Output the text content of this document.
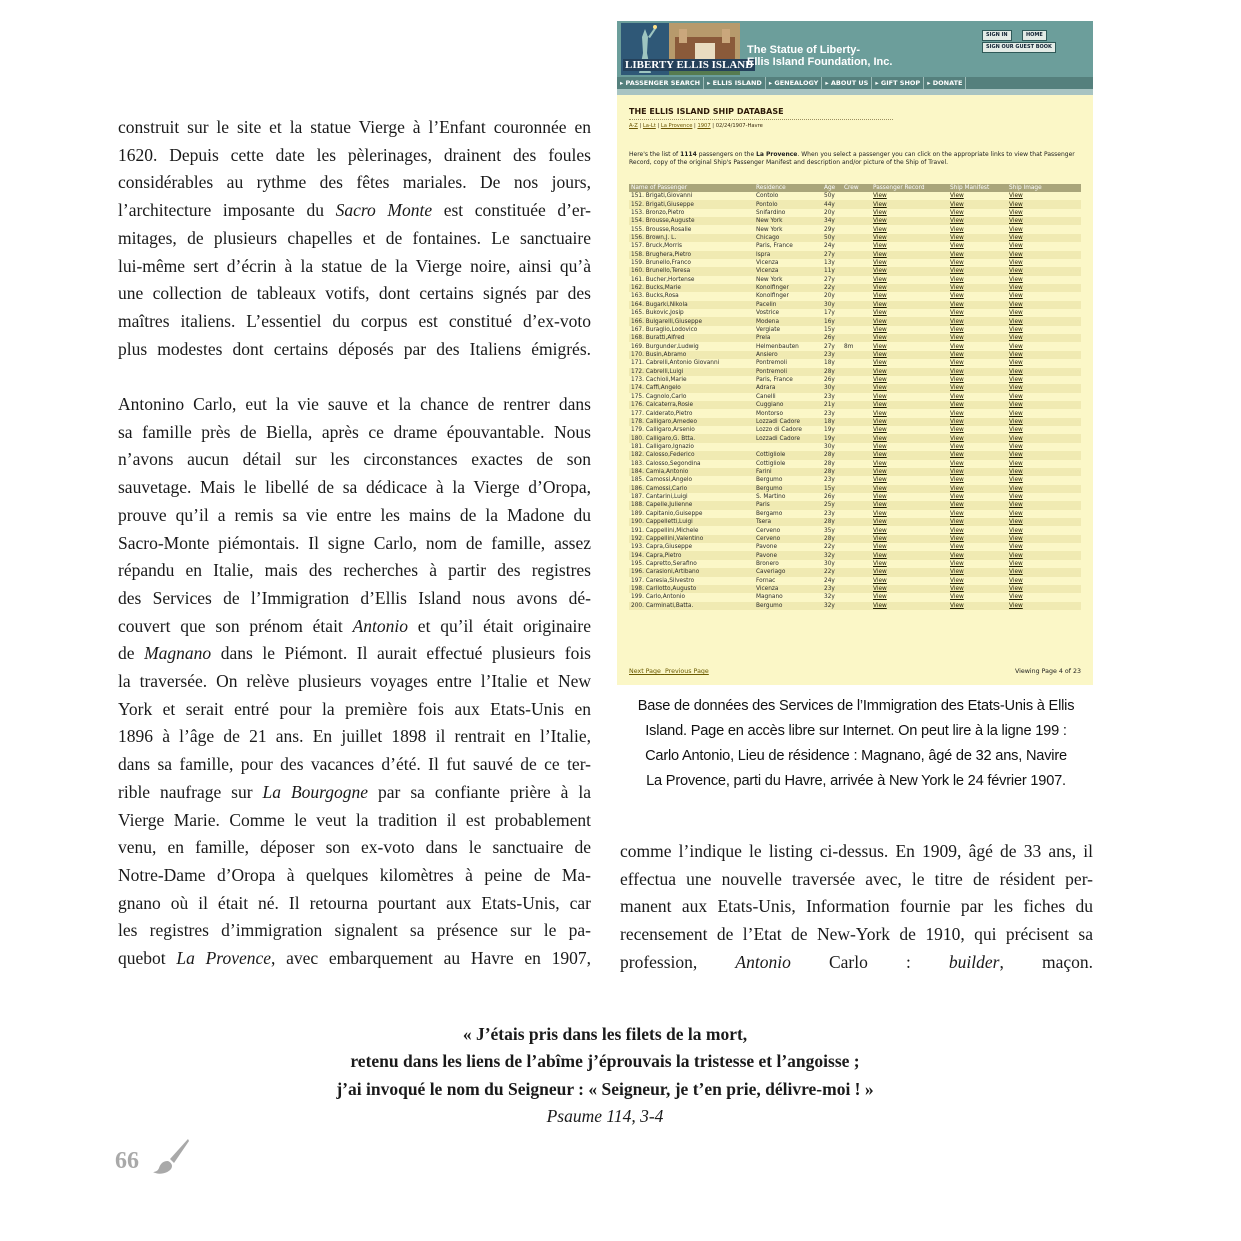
construit sur le site et la statue Vierge à l’Enfant couronnée en

1620. Depuis cette date les pèlerinages, drainent des foules

considérables au rythme des fêtes mariales. De nos jours,

l’architecture imposante du Sacro Monte est constituée d’er-

mitages, de plusieurs chapelles et de fontaines. Le sanctuaire

lui-même sert d’écrin à la statue de la Vierge noire, ainsi qu’à

une collection de tableaux votifs, dont certains signés par des

maîtres italiens. L’essentiel du corpus est constitué d’ex-voto

plus modestes dont certains déposés par des Italiens émigrés.

Antonino Carlo, eut la vie sauve et la chance de rentrer dans

sa famille près de Biella, après ce drame épouvantable. Nous

n’avons aucun détail sur les circonstances exactes de son

sauvetage. Mais le libellé de sa dédicace à la Vierge d’Oropa,

prouve qu’il a remis sa vie entre les mains de la Madone du

Sacro-Monte piémontais. Il signe Carlo, nom de famille, assez

répandu en Italie, mais des recherches à partir des registres

des Services de l’Immigration d’Ellis Island nous avons dé-

couvert que son prénom était Antonio et qu’il était originaire

de Magnano dans le Piémont. Il aurait effectué plusieurs fois

la traversée. On relève plusieurs voyages entre l’Italie et New

York et serait entré pour la première fois aux Etats-Unis en

1896 à l’âge de 21 ans. En juillet 1898 il rentrait en l’Italie,

dans sa famille, pour des vacances d’été. Il fut sauvé de ce ter-

rible naufrage sur La Bourgogne par sa confiante prière à la

Vierge Marie. Comme le veut la tradition il est probablement

venu, en famille, déposer son ex-voto dans le sanctuaire de

Notre-Dame d’Oropa à quelques kilomètres à peine de Ma-

gnano où il était né. Il retourna pourtant aux Etats-Unis, car

les registres d’immigration signalent sa présence sur le pa-

quebot La Provence, avec embarquement au Havre en 1907,

LIBERTY ELLIS ISLAND
The Statue of Liberty-
Ellis Island Foundation, Inc.
SIGN IN	HOME
SIGN OUR GUEST BOOK
▸ PASSENGER SEARCH	▸ ELLIS ISLAND	▸ GENEALOGY	▸ ABOUT US	▸ GIFT SHOP	▸ DONATE
THE ELLIS ISLAND SHIP DATABASE
A-Z | La-Lt | La Provence | 1907 | 02/24/1907-Havre
Here's the list of 1114 passengers on the La Provence. When you select a passenger you can click on the appropriate links to view that Passenger Record, copy of the original Ship's Passenger Manifest and description and/or picture of the Ship of Travel.
Name of Passenger	Residence	Age	Crew	Passenger Record	Ship Manifest	Ship Image
151. Brigati,Giovanni	Contolo	50y		View	View	View
152. Brigati,Giuseppe	Pontolo	44y		View	View	View
153. Bronzo,Pietro	Snifardino	20y		View	View	View
154. Brousse,Auguste	New York	34y		View	View	View
155. Brousse,Rosalie	New York	29y		View	View	View
156. Brown,J. L.	Chicago	50y		View	View	View
157. Bruck,Morris	Paris, France	24y		View	View	View
158. Brughera,Pietro	Ispra	27y		View	View	View
159. Brunello,Franco	Vicenza	13y		View	View	View
160. Brunello,Teresa	Vicenza	11y		View	View	View
161. Bucher,Hortense	New York	27y		View	View	View
162. Bucks,Marie	Konolfinger	22y		View	View	View
163. Bucks,Rosa	Konolfinger	20y		View	View	View
164. Bugarki,Nikola	Pacelin	30y		View	View	View
165. Bukovic,Josip	Vostrice	17y		View	View	View
166. Bulgarelli,Giuseppe	Modena	16y		View	View	View
167. Buraglio,Lodovico	Vergiate	15y		View	View	View
168. Buratti,Alfred	Prela	26y		View	View	View
169. Burgunder,Ludwig	Helmenbauten	27y	8m	View	View	View
170. Busin,Abramo	Ansiero	23y		View	View	View
171. Cabrelli,Antonio Giovanni	Pontremoli	18y		View	View	View
172. Cabrelli,Luigi	Pontremoli	28y		View	View	View
173. Cachioli,Marie	Paris, France	26y		View	View	View
174. Caffi,Angelo	Adrara	30y		View	View	View
175. Cagnolo,Carlo	Canelli	23y		View	View	View
176. Calcaterra,Rosie	Cuggiano	21y		View	View	View
177. Calderato,Pietro	Montorso	23y		View	View	View
178. Calligaro,Amedeo	Lozzadi Cadore	18y		View	View	View
179. Calligaro,Arsenio	Lozzo di Cadore	19y		View	View	View
180. Calligaro,G. Btta.	Lozzadi Cadore	19y		View	View	View
181. Calligaro,Ignazio		30y		View	View	View
182. Calosso,Federico	Cottigliole	28y		View	View	View
183. Calosso,Segondina	Cottigliole	28y		View	View	View
184. Camia,Antonio	Farini	28y		View	View	View
185. Camossi,Angelo	Bergumo	23y		View	View	View
186. Camossi,Carlo	Bergumo	15y		View	View	View
187. Cantarini,Luigi	S. Martino	26y		View	View	View
188. Capelle,Julienne	Paris	25y		View	View	View
189. Capitanio,Guiseppe	Bergamo	23y		View	View	View
190. Cappelletti,Luigi	Tsera	28y		View	View	View
191. Cappellini,Michele	Cerveno	35y		View	View	View
192. Cappellini,Valentino	Cerveno	28y		View	View	View
193. Capra,Giuseppe	Pavone	22y		View	View	View
194. Capra,Pietro	Pavone	32y		View	View	View
195. Capretto,Serafino	Bronero	30y		View	View	View
196. Carasioni,Artibano	Caveriago	22y		View	View	View
197. Caresia,Silvestro	Fornac	24y		View	View	View
198. Carllotto,Augusto	Vicenza	23y		View	View	View
199. Carlo,Antonio	Magnano	32y		View	View	View
200. Carminati,Batta.	Bergumo	32y		View	View	View
Next Page Previous Page	Viewing Page 4 of 23
Base de données des Services de l’Immigration des Etats-Unis à Ellis
Island. Page en accès libre sur Internet. On peut lire à la ligne 199 :
Carlo Antonio, Lieu de résidence : Magnano, âgé de 32 ans, Navire
La Provence, parti du Havre, arrivée à New York le 24 février 1907.

comme l’indique le listing ci-dessus. En 1909, âgé de 33 ans, il

effectua une nouvelle traversée avec, le titre de résident per-

manent aux Etats-Unis, Information fournie par les fiches du

recensement de l’Etat de New-York de 1910, qui précisent sa

profession, Antonio Carlo : builder, maçon.

« J’étais pris dans les filets de la mort,
retenu dans les liens de l’abîme j’éprouvais la tristesse et l’angoisse ;
j’ai invoqué le nom du Seigneur : « Seigneur, je t’en prie, délivre-moi ! »
Psaume 114, 3-4
66
